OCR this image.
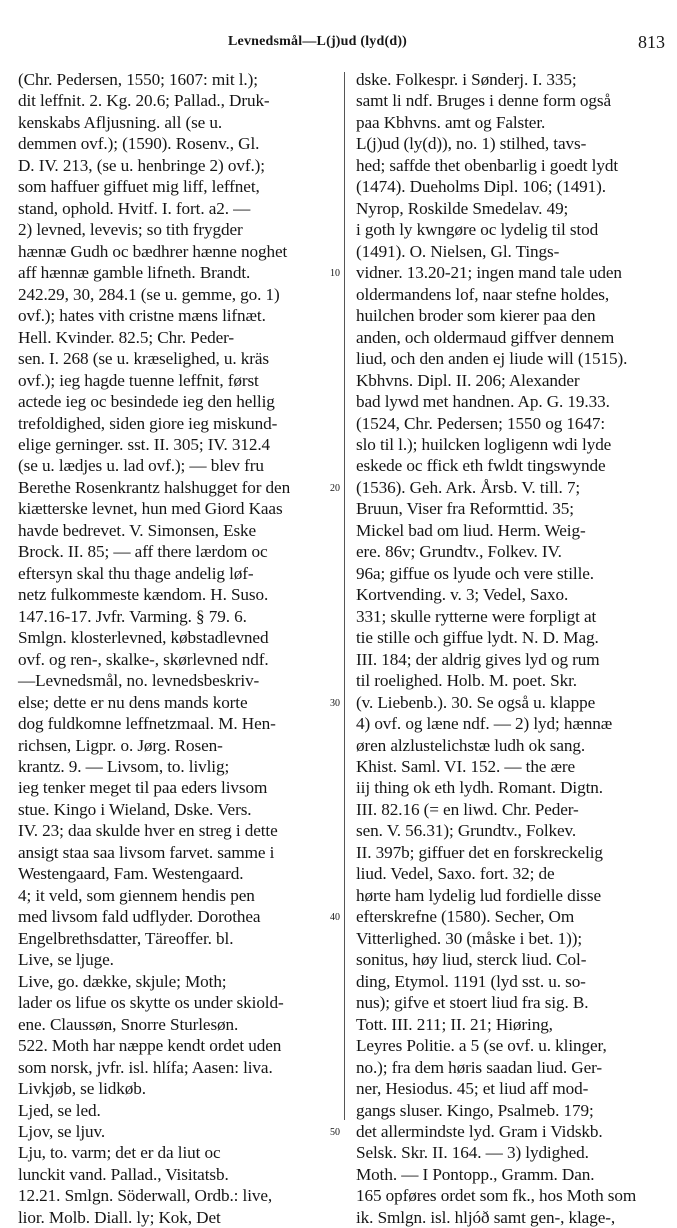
Levnedsmål—L(j)ud (lyd(d))	813
(Chr. Pedersen, 1550; 1607: mit l.);
dit leffnit. 2. Kg. 20.6; Pallad., Druk-
kenskabs Afljusning. all (se u.
demmen ovf.); (1590). Rosenv., Gl.
D. IV. 213, (se u. henbringe 2) ovf.);
som haffuer giffuet mig liff, leffnet,
stand, ophold. Hvitf. I. fort. a2. —
2) levned, levevis; so tith frygder
hænnæ Gudh oc bædhrer hænne noghet
aff hænnæ gamble lifneth. Brandt.
242.29, 30, 284.1 (se u. gemme, go. 1)
ovf.); hates vith cristne mæns lifnæt.
Hell. Kvinder. 82.5; Chr. Peder-
sen. I. 268 (se u. kræselighed, u. kräs
ovf.); ieg hagde tuenne leffnit, først
actede ieg oc besindede ieg den hellig
trefoldighed, siden giore ieg miskund-
elige gerninger. sst. II. 305; IV. 312.4
(se u. lædjes u. lad ovf.); — blev fru
Berethe Rosenkrantz halshugget for den
kiætterske levnet, hun med Giord Kaas
havde bedrevet. V. Simonsen, Eske
Brock. II. 85; — aff there lærdom oc
eftersyn skal thu thage andelig løf-
netz fulkommeste kændom. H. Suso.
147.16-17. Jvfr. Varming. § 79. 6.
Smlgn. klosterlevned, købstadlevned
ovf. og ren-, skalke-, skørlevned ndf.
—Levnedsmål, no. levnedsbeskriv-
else; dette er nu dens mands korte
dog fuldkomne leffnetzmaal. M. Hen-
richsen, Ligpr. o. Jørg. Rosen-
krantz. 9. — Livsom, to. livlig;
ieg tenker meget til paa eders livsom
stue. Kingo i Wieland, Dske. Vers.
IV. 23; daa skulde hver en streg i dette
ansigt staa saa livsom farvet. samme i
Westengaard, Fam. Westengaard.
4; it veld, som giennem hendis pen
med livsom fald udflyder. Dorothea
Engelbrethsdatter, Täreoffer. bl.
Live, se ljuge.
Live, go. dække, skjule; Moth;
lader os lifue os skytte os under skiold-
ene. Claussøn, Snorre Sturlesøn.
522. Moth har næppe kendt ordet uden
som norsk, jvfr. isl. hlífa; Aasen: liva.
Livkjøb, se lidkøb.
Ljed, se led.
Ljov, se ljuv.
Lju, to. varm; det er da liut oc
lunckit vand. Pallad., Visitatsb.
12.21. Smlgn. Söderwall, Ordb.: live,
lior. Molb. Diall. ly; Kok, Det
10
20
30
40
50
dske. Folkespr. i Sønderj. I. 335;
samt li ndf. Bruges i denne form også
paa Kbhvns. amt og Falster.
L(j)ud (ly(d)), no. 1) stilhed, tavs-
hed; saffde thet obenbarlig i goedt lydt
(1474). Dueholms Dipl. 106; (1491).
Nyrop, Roskilde Smedelav. 49;
i goth ly kwngøre oc lydelig til stod
(1491). O. Nielsen, Gl. Tings-
vidner. 13.20-21; ingen mand tale uden
oldermandens lof, naar stefne holdes,
huilchen broder som kierer paa den
anden, och oldermaud giffver dennem
liud, och den anden ej liude will (1515).
Kbhvns. Dipl. II. 206; Alexander
bad lywd met handnen. Ap. G. 19.33.
(1524, Chr. Pedersen; 1550 og 1647:
slo til l.); huilcken logligenn wdi lyde
eskede oc ffick eth fwldt tingswynde
(1536). Geh. Ark. Årsb. V. till. 7;
Bruun, Viser fra Reformttid. 35;
Mickel bad om liud. Herm. Weig-
ere. 86v; Grundtv., Folkev. IV.
96a; giffue os lyude och vere stille.
Kortvending. v. 3; Vedel, Saxo.
331; skulle rytterne were forpligt at
tie stille och giffue lydt. N. D. Mag.
III. 184; der aldrig gives lyd og rum
til roelighed. Holb. M. poet. Skr.
(v. Liebenb.). 30. Se også u. klappe
4) ovf. og læne ndf. — 2) lyd; hænnæ
øren alzlustelichstæ ludh ok sang.
Khist. Saml. VI. 152. — the ære
iij thing ok eth lydh. Romant. Digtn.
III. 82.16 (= en liwd. Chr. Peder-
sen. V. 56.31); Grundtv., Folkev.
II. 397b; giffuer det en forskreckelig
liud. Vedel, Saxo. fort. 32; de
hørte ham lydelig lud fordielle disse
efterskrefne (1580). Secher, Om
Vitterlighed. 30 (måske i bet. 1));
sonitus, høy liud, sterck liud. Col-
ding, Etymol. 1191 (lyd sst. u. so-
nus); gifve et stoert liud fra sig. B.
Tott. III. 211; II. 21; Hiøring,
Leyres Politie. a 5 (se ovf. u. klinger,
no.); fra dem høris saadan liud. Ger-
ner, Hesiodus. 45; et liud aff mod-
gangs sluser. Kingo, Psalmeb. 179;
det allermindste lyd. Gram i Vidskb.
Selsk. Skr. II. 164. — 3) lydighed.
Moth. — I Pontopp., Gramm. Dan.
165 opføres ordet som fk., hos Moth som
ik. Smlgn. isl. hljóð samt gen-, klage-,
